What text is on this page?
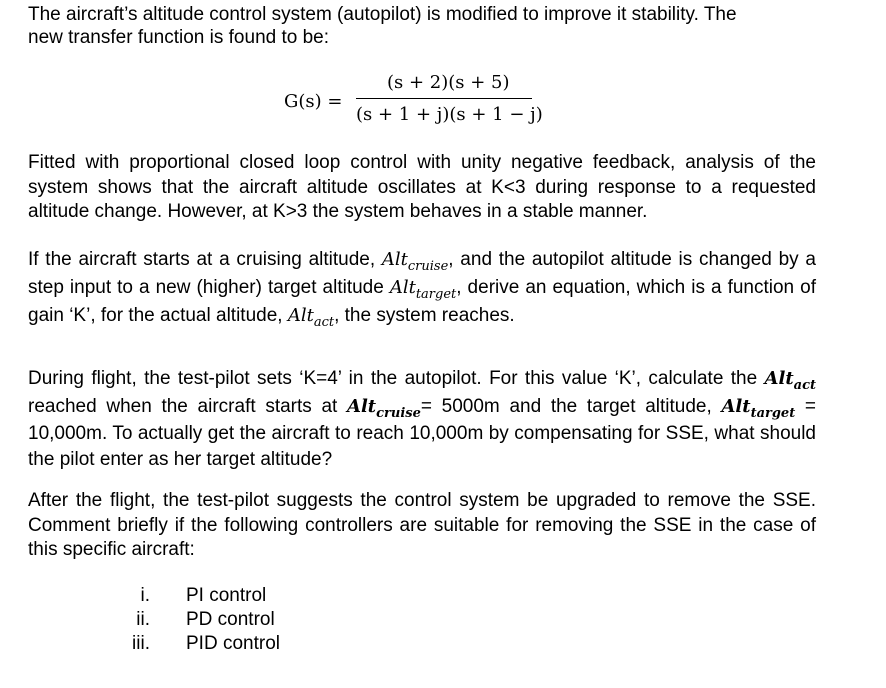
The aircraft’s altitude control system (autopilot) is modified to improve it stability. The
new transfer function is found to be:
G(s) =
(s + 2)(s + 5)
(s + 1 + j)(s + 1 − j)

Fitted with proportional closed loop control with unity negative feedback, analysis of the system shows that the aircraft altitude oscillates at K<3 during response to a requested altitude change. However, at K>3 the system behaves in a stable manner.

If the aircraft starts at a cruising altitude, Alt$_{cruise}$, and the autopilot altitude is changed by a step input to a new (higher) target altitude Alt$_{target}$, derive an equation, which is a function of gain ‘K’, for the actual altitude, Alt$_{act}$, the system reaches.

During flight, the test-pilot sets ‘K=4’ in the autopilot. For this value ‘K’, calculate the Alt$_{act}$ reached when the aircraft starts at Alt$_{cruise}$= 5000m and the target altitude, Alt$_{target}$ = 10,000m. To actually get the aircraft to reach 10,000m by compensating for SSE, what should the pilot enter as her target altitude?

After the flight, the test-pilot suggests the control system be upgraded to remove the SSE. Comment briefly if the following controllers are suitable for removing the SSE in the case of this specific aircraft:

i. PI control
ii. PD control
iii. PID control
